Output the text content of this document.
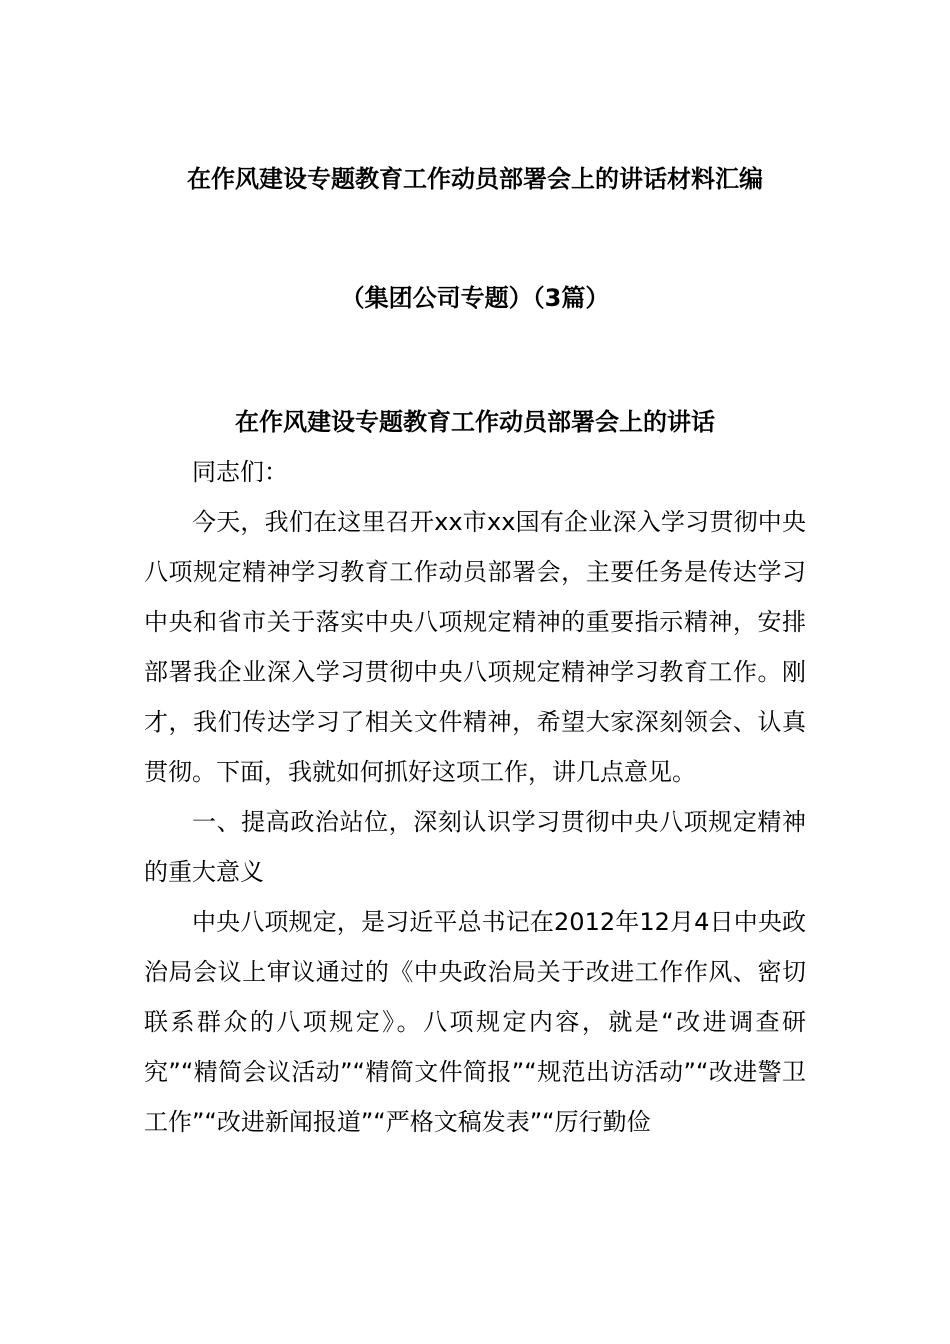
在作风建设专题教育工作动员部署会上的讲话材料汇编
（集团公司专题）（3篇）
在作风建设专题教育工作动员部署会上的讲话

同志们：

今天，我们在这里召开xx市xx国有企业深入学习贯彻中央八项规定精神学习教育工作动员部署会，主要任务是传达学习中央和省市关于落实中央八项规定精神的重要指示精神，安排部署我企业深入学习贯彻中央八项规定精神学习教育工作。刚才，我们传达学习了相关文件精神，希望大家深刻领会、认真贯彻。下面，我就如何抓好这项工作，讲几点意见。

一、提高政治站位，深刻认识学习贯彻中央八项规定精神的重大意义

中央八项规定，是习近平总书记在2012年12月4日中央政治局会议上审议通过的《中央政治局关于改进工作作风、密切联系群众的八项规定》。八项规定内容，就是“改进调查研究”“精简会议活动”“精简文件简报”“规范出访活动”“改进警卫工作”“改进新闻报道”“严格文稿发表”“厉行勤俭
